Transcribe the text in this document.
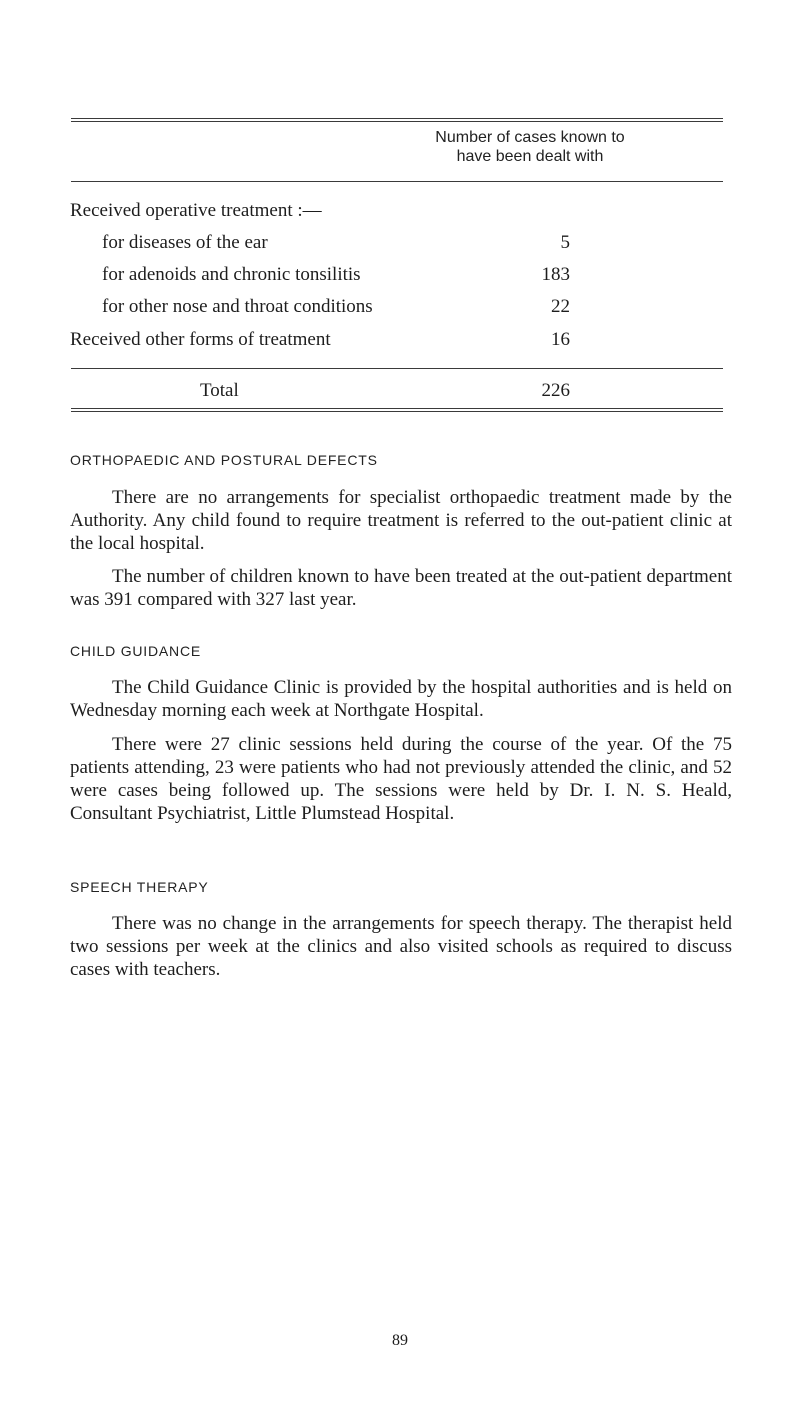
Number of cases known to
have been dealt with
Received operative treatment :—
for diseases of the ear	5
for adenoids and chronic tonsilitis	183
for other nose and throat conditions	22
Received other forms of treatment	16
Total	226
ORTHOPAEDIC AND POSTURAL DEFECTS

There are no arrangements for specialist orthopaedic treatment made by the Authority. Any child found to require treatment is referred to the out-patient clinic at the local hospital.

The number of children known to have been treated at the out-patient department was 391 compared with 327 last year.

CHILD GUIDANCE

The Child Guidance Clinic is provided by the hospital authorities and is held on Wednesday morning each week at Northgate Hospital.

There were 27 clinic sessions held during the course of the year. Of the 75 patients attending, 23 were patients who had not previously attended the clinic, and 52 were cases being followed up. The sessions were held by Dr. I. N. S. Heald, Consultant Psychiatrist, Little Plumstead Hospital.

SPEECH THERAPY

There was no change in the arrangements for speech therapy. The therapist held two sessions per week at the clinics and also visited schools as required to discuss cases with teachers.

89
